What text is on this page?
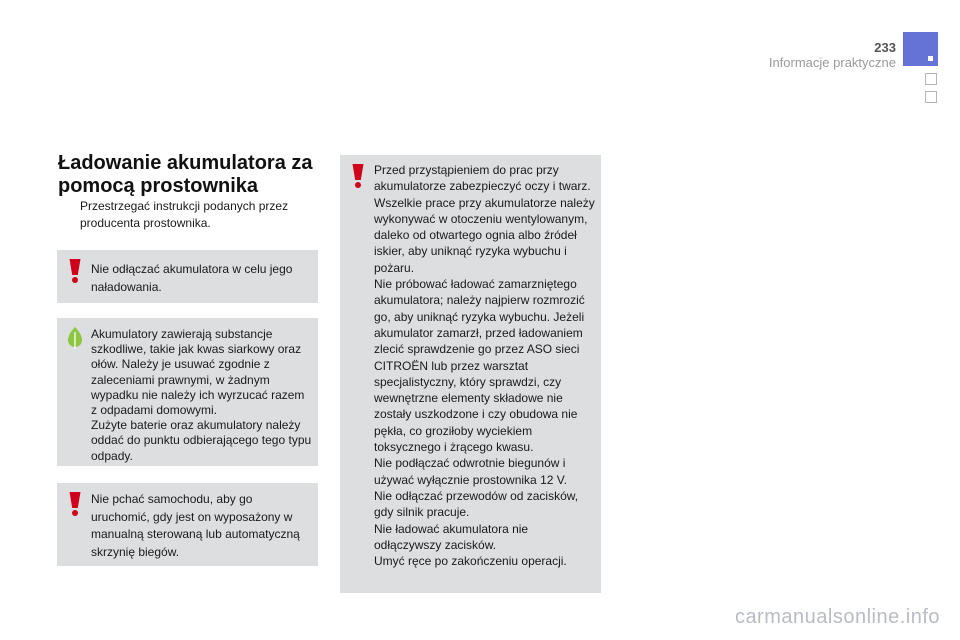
233
Informacje praktyczne
Ładowanie akumulatora za
pomocą prostownika
Przestrzegać instrukcji podanych przez producenta prostownika.

Nie odłączać akumulatora w celu jego naładowania.

Akumulatory zawierają substancje szkodliwe, takie jak kwas siarkowy oraz ołów. Należy je usuwać zgodnie z zaleceniami prawnymi, w żadnym wypadku nie należy ich wyrzucać razem z odpadami domowymi.

Zużyte baterie oraz akumulatory należy oddać do punktu odbierającego tego typu odpady.

Nie pchać samochodu, aby go uruchomić, gdy jest on wyposażony w manualną sterowaną lub automatyczną skrzynię biegów.

Przed przystąpieniem do prac przy akumulatorze zabezpieczyć oczy i twarz.

Wszelkie prace przy akumulatorze należy wykonywać w otoczeniu wentylowanym, daleko od otwartego ognia albo źródeł iskier, aby uniknąć ryzyka wybuchu i pożaru.

Nie próbować ładować zamarzniętego akumulatora; należy najpierw rozmrozić go, aby uniknąć ryzyka wybuchu. Jeżeli akumulator zamarzł, przed ładowaniem zlecić sprawdzenie go przez ASO sieci CITROËN lub przez warsztat specjalistyczny, który sprawdzi, czy wewnętrzne elementy składowe nie zostały uszkodzone i czy obudowa nie pękła, co groziłoby wyciekiem toksycznego i żrącego kwasu.

Nie podłączać odwrotnie biegunów i używać wyłącznie prostownika 12 V.

Nie odłączać przewodów od zacisków, gdy silnik pracuje.

Nie ładować akumulatora nie odłączywszy zacisków.

Umyć ręce po zakończeniu operacji.

carmanualsonline.info
